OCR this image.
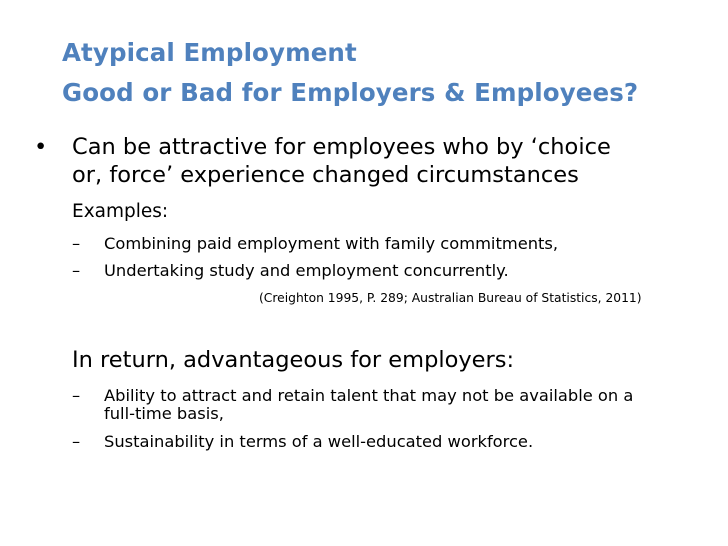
Atypical Employment
Good or Bad for Employers & Employees?
• Can be attractive for employees who by ‘choice
or, force’ experience changed circumstances
Examples:
– Combining paid employment with family commitments,
– Undertaking study and employment concurrently.
(Creighton 1995, P. 289; Australian Bureau of Statistics, 2011)
In return, advantageous for employers:
– Ability to attract and retain talent that may not be available on a
full-time basis,
– Sustainability in terms of a well-educated workforce.
